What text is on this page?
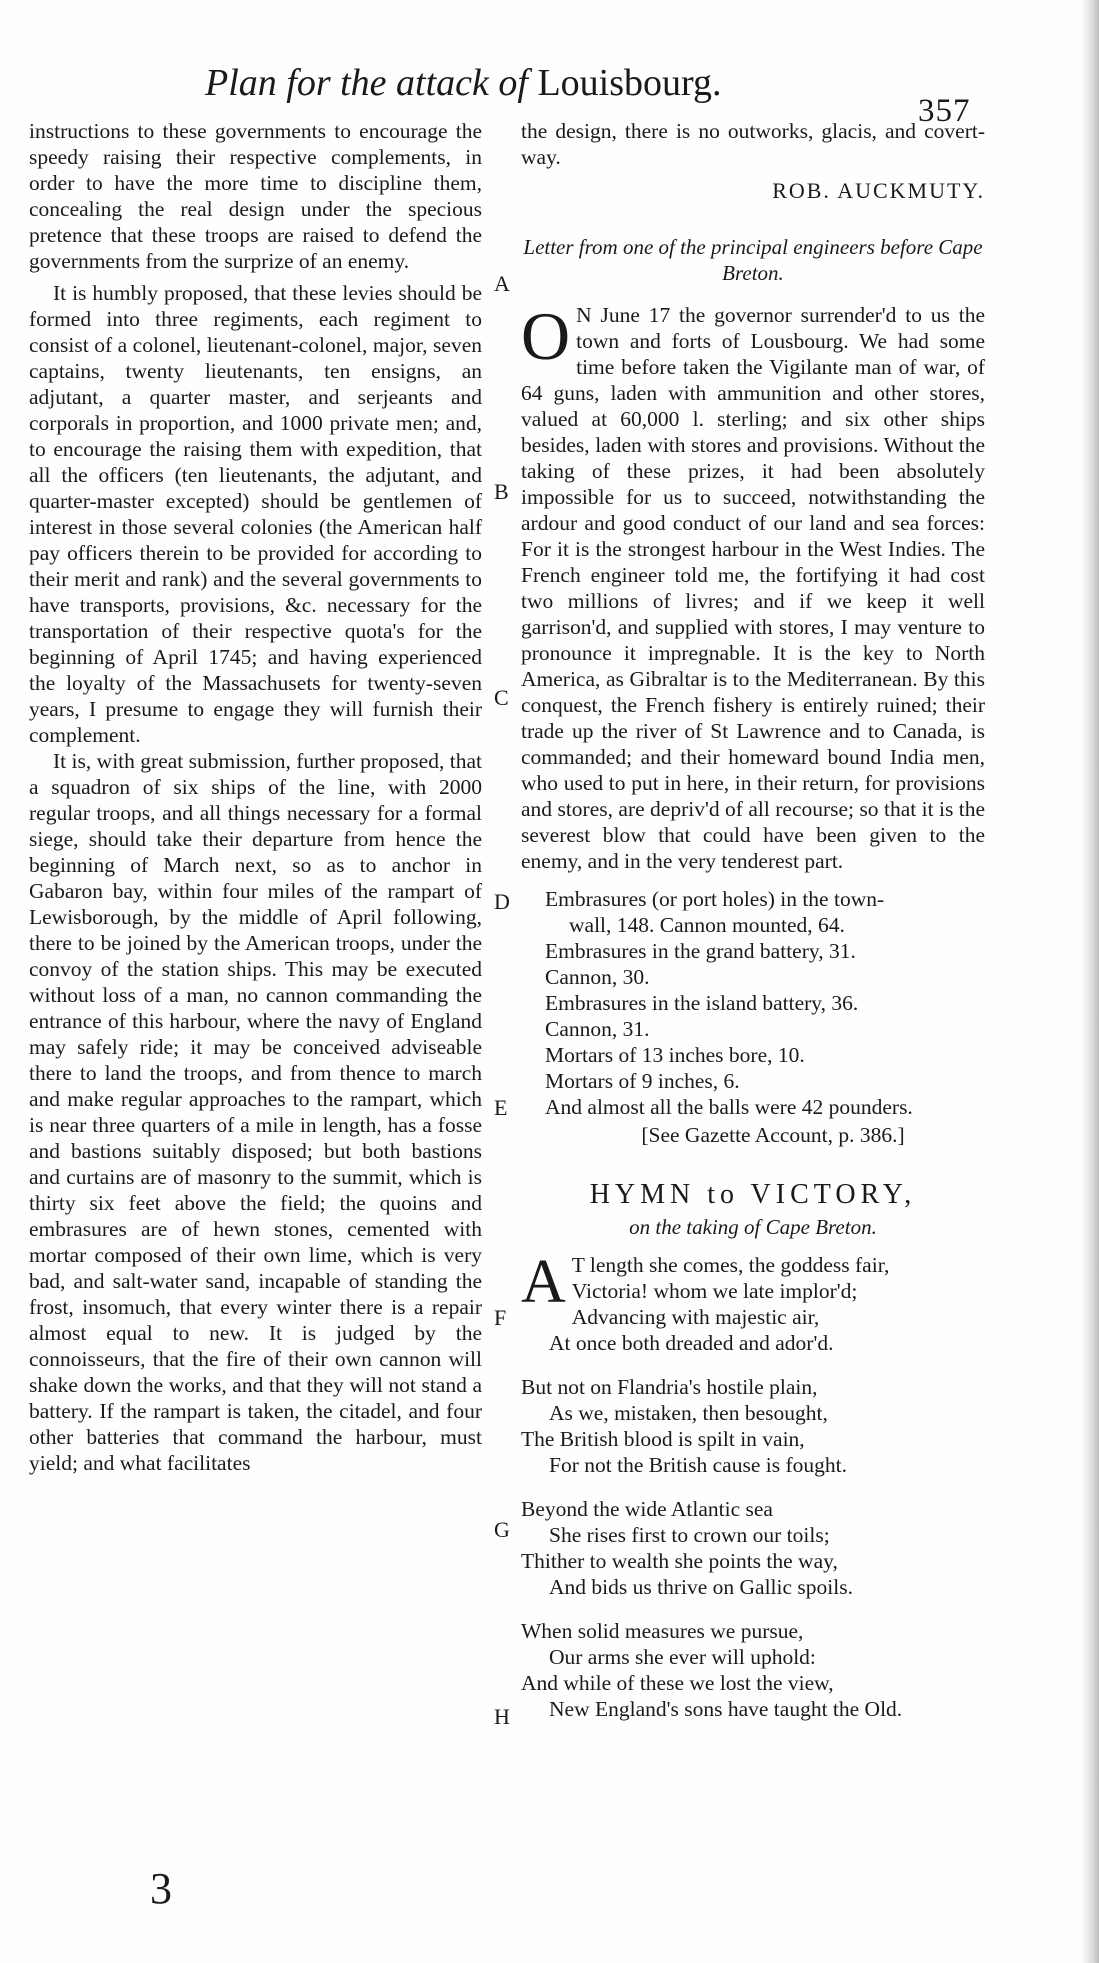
Plan for the attack of Louisbourg.
357

instructions to these governments to encourage the speedy raising their respective complements, in order to have the more time to discipline them, concealing the real design under the specious pretence that these troops are raised to defend the governments from the surprize of an enemy.

It is humbly proposed, that these levies should be formed into three regiments, each regiment to consist of a colonel, lieutenant-colonel, major, seven captains, twenty lieutenants, ten ensigns, an adjutant, a quarter master, and serjeants and corporals in proportion, and 1000 private men; and, to encourage the raising them with expedition, that all the officers (ten lieutenants, the adjutant, and quarter-master excepted) should be gentlemen of interest in those several colonies (the American half pay officers therein to be provided for according to their merit and rank) and the several governments to have transports, provisions, &c. necessary for the transportation of their respective quota's for the beginning of April 1745; and having experienced the loyalty of the Massachusets for twenty-seven years, I presume to engage they will furnish their complement.

It is, with great submission, further proposed, that a squadron of six ships of the line, with 2000 regular troops, and all things necessary for a formal siege, should take their departure from hence the beginning of March next, so as to anchor in Gabaron bay, within four miles of the rampart of Lewisborough, by the middle of April following, there to be joined by the American troops, under the convoy of the station ships. This may be executed without loss of a man, no cannon commanding the entrance of this harbour, where the navy of England may safely ride; it may be conceived adviseable there to land the troops, and from thence to march and make regular approaches to the rampart, which is near three quarters of a mile in length, has a fosse and bastions suitably disposed; but both bastions and curtains are of masonry to the summit, which is thirty six feet above the field; the quoins and embrasures are of hewn stones, cemented with mortar composed of their own lime, which is very bad, and salt-water sand, incapable of standing the frost, insomuch, that every winter there is a repair almost equal to new. It is judged by the connoisseurs, that the fire of their own cannon will shake down the works, and that they will not stand a battery. If the rampart is taken, the citadel, and four other batteries that command the harbour, must yield; and what facilitates

the design, there is no outworks, glacis, and covert-way.

ROB. AUCKMUTY.

Letter from one of the principal engineers before Cape Breton.

O N June 17 the governor surrender'd to us the town and forts of Lousbourg. We had some time before taken the Vigilante man of war, of 64 guns, laden with ammunition and other stores, valued at 60,000 l. sterling; and six other ships besides, laden with stores and provisions. Without the taking of these prizes, it had been absolutely impossible for us to succeed, notwithstanding the ardour and good conduct of our land and sea forces: For it is the strongest harbour in the West Indies. The French engineer told me, the fortifying it had cost two millions of livres; and if we keep it well garrison'd, and supplied with stores, I may venture to pronounce it impregnable. It is the key to North America, as Gibraltar is to the Mediterranean. By this conquest, the French fishery is entirely ruined; their trade up the river of St Lawrence and to Canada, is commanded; and their homeward bound India men, who used to put in here, in their return, for provisions and stores, are depriv'd of all recourse; so that it is the severest blow that could have been given to the enemy, and in the very tenderest part.

Embrasures (or port holes) in the town-
wall, 148. Cannon mounted, 64.
Embrasures in the grand battery, 31.
Cannon, 30.
Embrasures in the island battery, 36.
Cannon, 31.
Mortars of 13 inches bore, 10.
Mortars of 9 inches, 6.
And almost all the balls were 42 pounders.

[See Gazette Account, p. 386.]

HYMN to VICTORY,

on the taking of Cape Breton.

A T length she comes, the goddess fair,
Victoria! whom we late implor'd;
Advancing with majestic air,
At once both dreaded and ador'd.
But not on Flandria's hostile plain,
As we, mistaken, then besought,
The British blood is spilt in vain,
For not the British cause is fought.
Beyond the wide Atlantic sea
She rises first to crown our toils;
Thither to wealth she points the way,
And bids us thrive on Gallic spoils.
When solid measures we pursue,
Our arms she ever will uphold:
And while of these we lost the view,
New England's sons have taught the Old.
A
B
C
D
E
F
G
H
3
